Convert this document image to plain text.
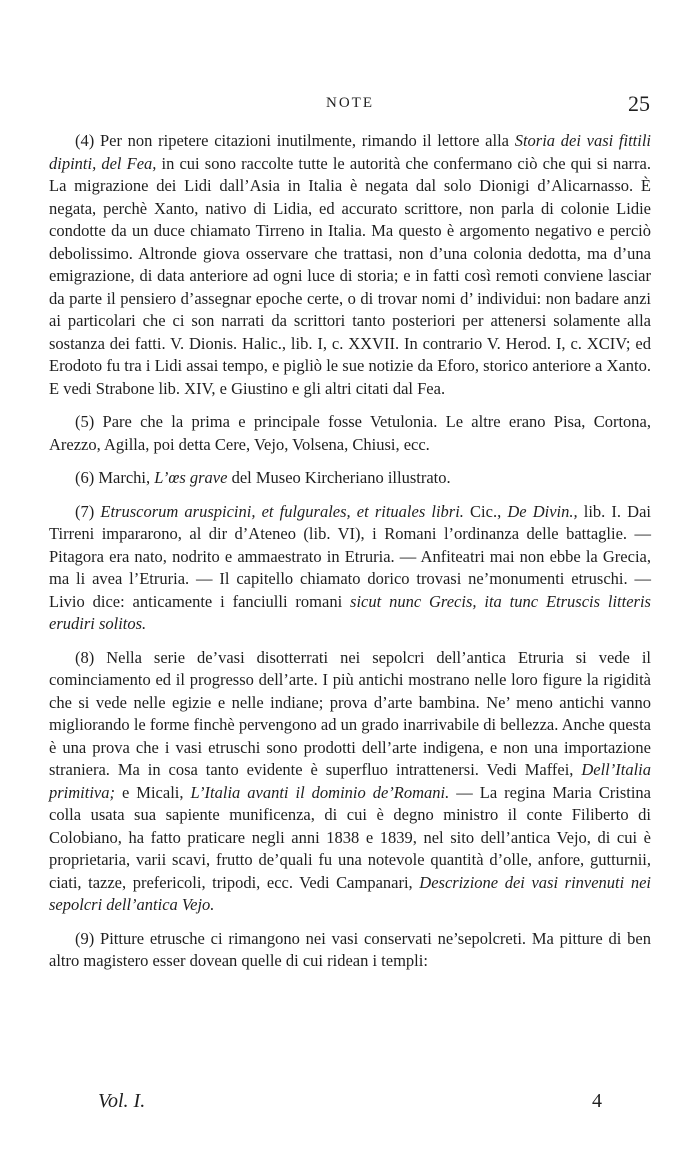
NOTE	25

(4) Per non ripetere citazioni inutilmente, rimando il lettore alla Storia dei vasi fittili dipinti, del Fea, in cui sono raccolte tutte le autorità che confermano ciò che qui si narra. La migrazione dei Lidi dall’Asia in Italia è negata dal solo Dionigi d’Alicarnasso. È negata, perchè Xanto, nativo di Lidia, ed accurato scrittore, non parla di colonie Lidie condotte da un duce chiamato Tirreno in Italia. Ma questo è argomento negativo e perciò debolissimo. Altronde giova osservare che trattasi, non d’una colonia dedotta, ma d’una emigrazione, di data anteriore ad ogni luce di storia; e in fatti così remoti conviene lasciar da parte il pensiero d’assegnar epoche certe, o di trovar nomi d’ individui: non badare anzi ai particolari che ci son narrati da scrittori tanto posteriori per attenersi solamente alla sostanza dei fatti. V. Dionis. Halic., lib. I, c. XXVII. In contrario V. Herod. I, c. XCIV; ed Erodoto fu tra i Lidi assai tempo, e pigliò le sue notizie da Eforo, storico anteriore a Xanto. E vedi Strabone lib. XIV, e Giustino e gli altri citati dal Fea.

(5) Pare che la prima e principale fosse Vetulonia. Le altre erano Pisa, Cortona, Arezzo, Agilla, poi detta Cere, Vejo, Volsena, Chiusi, ecc.

(6) Marchi, L’œs grave del Museo Kircheriano illustrato.

(7) Etruscorum aruspicini, et fulgurales, et rituales libri. Cic., De Divin., lib. I. Dai Tirreni impararono, al dir d’Ateneo (lib. VI), i Romani l’ordinanza delle battaglie. — Pitagora era nato, nodrito e ammaestrato in Etruria. — Anfiteatri mai non ebbe la Grecia, ma li avea l’Etruria. — Il capitello chiamato dorico trovasi ne’monumenti etruschi. — Livio dice: anticamente i fanciulli romani sicut nunc Grecis, ita tunc Etruscis litteris erudiri solitos.

(8) Nella serie de’vasi disotterrati nei sepolcri dell’antica Etruria si vede il cominciamento ed il progresso dell’arte. I più antichi mostrano nelle loro figure la rigidità che si vede nelle egizie e nelle indiane; prova d’arte bambina. Ne’ meno antichi vanno migliorando le forme finchè pervengono ad un grado inarrivabile di bellezza. Anche questa è una prova che i vasi etruschi sono prodotti dell’arte indigena, e non una importazione straniera. Ma in cosa tanto evidente è superfluo intrattenersi. Vedi Maffei, Dell’Italia primitiva; e Micali, L’Italia avanti il dominio de’Romani. — La regina Maria Cristina colla usata sua sapiente munificenza, di cui è degno ministro il conte Filiberto di Colobiano, ha fatto praticare negli anni 1838 e 1839, nel sito dell’antica Vejo, di cui è proprietaria, varii scavi, frutto de’quali fu una notevole quantità d’olle, anfore, gutturnii, ciati, tazze, prefericoli, tripodi, ecc. Vedi Campanari, Descrizione dei vasi rinvenuti nei sepolcri dell’antica Vejo.

(9) Pitture etrusche ci rimangono nei vasi conservati ne’sepolcreti. Ma pitture di ben altro magistero esser dovean quelle di cui ridean i templi:

Vol. I.	4
